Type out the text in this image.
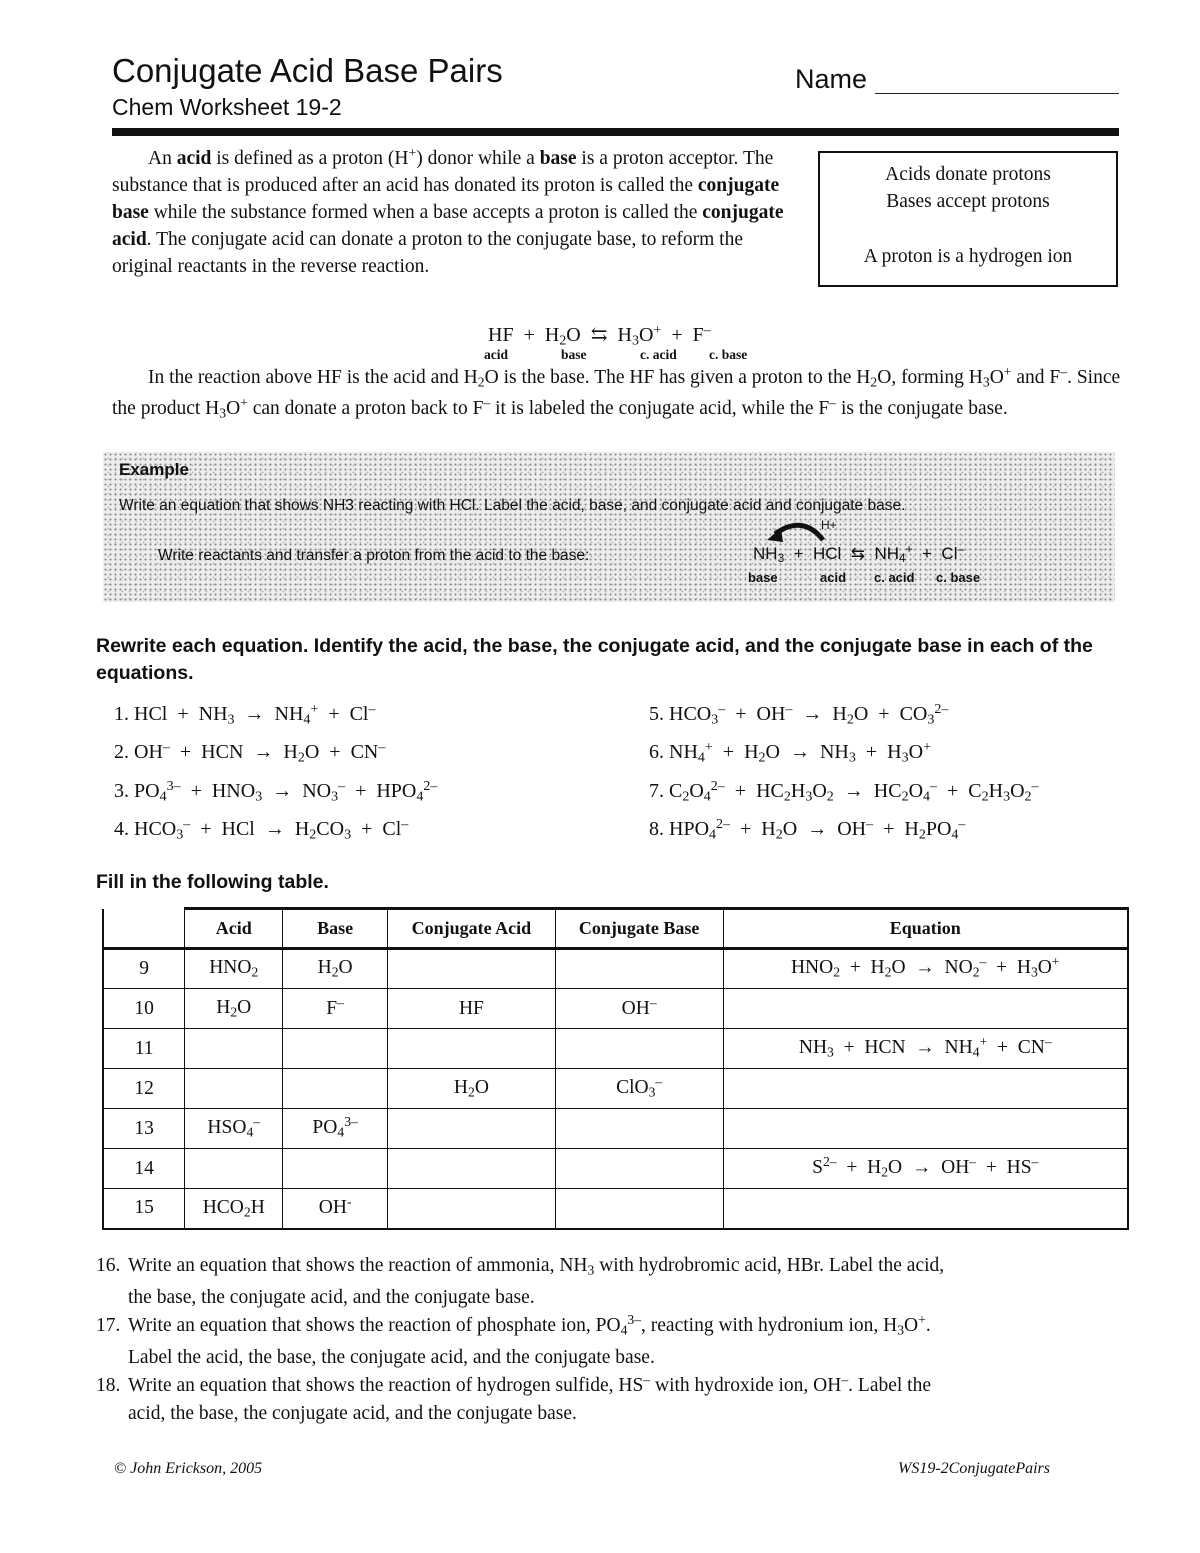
Conjugate Acid Base Pairs
Chem Worksheet 19-2
Name
An acid is defined as a proton (H+) donor while a base is a proton acceptor. The substance that is produced after an acid has donated its proton is called the conjugate base while the substance formed when a base accepts a proton is called the conjugate acid. The conjugate acid can donate a proton to the conjugate base, to reform the original reactants in the reverse reaction.
Acids donate protons
Bases accept protons
A proton is a hydrogen ion
HF  +  $H_2O$  ⇆  $H_3O^+ + F^-$
acid	base	c. acid c. base
In the reaction above HF is the acid and $H_2O$ is the base. The HF has given a proton to the $H_2O$, forming $H_3O^+$ and F–. Since the product $H_3O^+$ can donate a proton back to F– it is labeled the conjugate acid, while the F– is the conjugate base.
Example
Write an equation that shows NH3 reacting with HCl. Label the acid, base, and conjugate acid and conjugate base.
Write reactants and transfer a proton from the acid to the base:
H+
$NH_3$  +  HCl  ⇆  $NH_4^+ + Cl^-$
base	acid c. acid c. base
Rewrite each equation. Identify the acid, the base, the conjugate acid, and the conjugate base in each of the equations.
1. HCl  +  $NH_3 \to NH_4^+ + Cl^-$
2. OH–  +  HCN  →  $H_2O + CN^-$
3. $PO_4^{3-} + HNO_3 \to NO_3^- + HPO_4^{2-}$
4. $HCO_3^-$  +  HCl  →  $H_2CO_3 + Cl^-$
5. $HCO_3^- + OH^- \to H_2O + CO_3^{2-}$
6. $NH_4^+ + H_2O \to NH_3 + H_3O^+$
7. $C_2O_4^{2-} + HC_2H_3O_2 \to HC_2O_4^- + C_2H_3O_2^-$
8. $HPO_4^{2-} + H_2O \to OH^- + H_2PO_4^-$
Fill in the following table.
	Acid	Base	Conjugate Acid	Conjugate Base	Equation
9	$HNO_2$	$H_2O$			$HNO_2 + H_2O \to NO_2^- + H_3O^+$
10	$H_2O$	F–	HF	OH–	
11					$NH_3$  +  HCN  →  $NH_4^+ + CN^-$
12			$H_2O$	ClO$_3$–	
13	$HSO_4^-$	$PO_4^{3-}$			
14					$S^{2-} + H_2O \to OH^- + HS^-$
15	$HCO_2H$	OH-			
16. Write an equation that shows the reaction of ammonia, $NH_3$ with hydrobromic acid, HBr. Label the acid,
the base, the conjugate acid, and the conjugate base.
17. Write an equation that shows the reaction of phosphate ion, $PO_4^{3-}$, reacting with hydronium ion, $H_3O^+$.
Label the acid, the base, the conjugate acid, and the conjugate base.
18. Write an equation that shows the reaction of hydrogen sulfide, HS– with hydroxide ion, OH–. Label the
acid, the base, the conjugate acid, and the conjugate base.
© John Erickson, 2005	WS19-2ConjugatePairs
